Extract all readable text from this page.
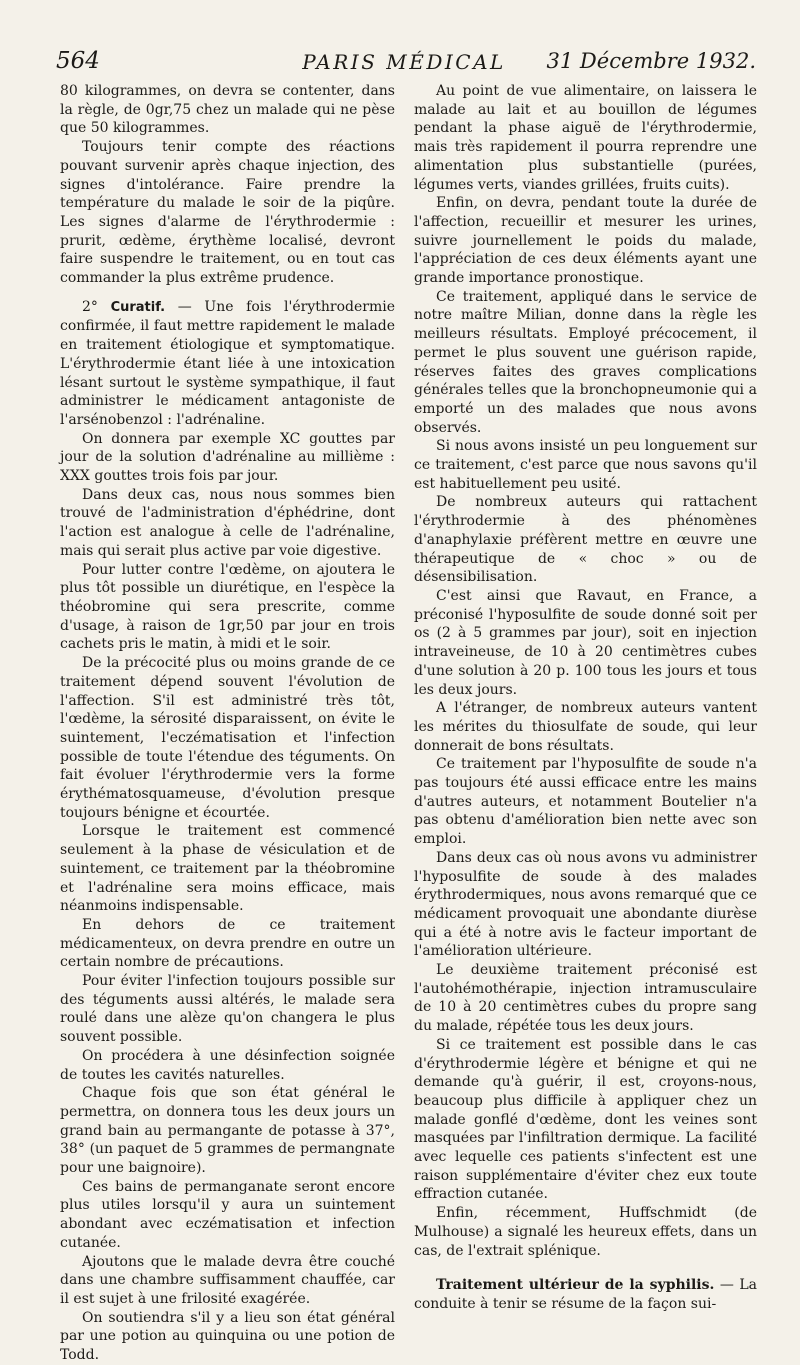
564	PARIS MÉDICAL	31 Décembre 1932.

80 kilogrammes, on devra se contenter, dans la règle, de 0gr,75 chez un malade qui ne pèse que 50 kilogrammes.

Toujours tenir compte des réactions pouvant survenir après chaque injection, des signes d'intolérance. Faire prendre la température du malade le soir de la piqûre. Les signes d'alarme de l'érythrodermie : prurit, œdème, érythème localisé, devront faire suspendre le traitement, ou en tout cas commander la plus extrême prudence.

2° Curatif. — Une fois l'érythrodermie confirmée, il faut mettre rapidement le malade en traitement étiologique et symptomatique. L'érythrodermie étant liée à une intoxication lésant surtout le système sympathique, il faut administrer le médicament antagoniste de l'arsénobenzol : l'adrénaline.

On donnera par exemple XC gouttes par jour de la solution d'adrénaline au millième : XXX gouttes trois fois par jour.

Dans deux cas, nous nous sommes bien trouvé de l'administration d'éphédrine, dont l'action est analogue à celle de l'adrénaline, mais qui serait plus active par voie digestive.

Pour lutter contre l'œdème, on ajoutera le plus tôt possible un diurétique, en l'espèce la théobromine qui sera prescrite, comme d'usage, à raison de 1gr,50 par jour en trois cachets pris le matin, à midi et le soir.

De la précocité plus ou moins grande de ce traitement dépend souvent l'évolution de l'affection. S'il est administré très tôt, l'œdème, la sérosité disparaissent, on évite le suintement, l'eczématisation et l'infection possible de toute l'étendue des téguments. On fait évoluer l'érythrodermie vers la forme érythématosquameuse, d'évolution presque toujours bénigne et écourtée.

Lorsque le traitement est commencé seulement à la phase de vésiculation et de suintement, ce traitement par la théobromine et l'adrénaline sera moins efficace, mais néanmoins indispensable.

En dehors de ce traitement médicamenteux, on devra prendre en outre un certain nombre de précautions.

Pour éviter l'infection toujours possible sur des téguments aussi altérés, le malade sera roulé dans une alèze qu'on changera le plus souvent possible.

On procédera à une désinfection soignée de toutes les cavités naturelles.

Chaque fois que son état général le permettra, on donnera tous les deux jours un grand bain au permangante de potasse à 37°, 38° (un paquet de 5 grammes de permangnate pour une baignoire).

Ces bains de permanganate seront encore plus utiles lorsqu'il y aura un suintement abondant avec eczématisation et infection cutanée.

Ajoutons que le malade devra être couché dans une chambre suffisamment chauffée, car il est sujet à une frilosité exagérée.

On soutiendra s'il y a lieu son état général par une potion au quinquina ou une potion de Todd.

Au point de vue alimentaire, on laissera le malade au lait et au bouillon de légumes pendant la phase aiguë de l'érythrodermie, mais très rapidement il pourra reprendre une alimentation plus substantielle (purées, légumes verts, viandes grillées, fruits cuits).

Enfin, on devra, pendant toute la durée de l'affection, recueillir et mesurer les urines, suivre journellement le poids du malade, l'appréciation de ces deux éléments ayant une grande importance pronostique.

Ce traitement, appliqué dans le service de notre maître Milian, donne dans la règle les meilleurs résultats. Employé précocement, il permet le plus souvent une guérison rapide, réserves faites des graves complications générales telles que la bronchopneumonie qui a emporté un des malades que nous avons observés.

Si nous avons insisté un peu longuement sur ce traitement, c'est parce que nous savons qu'il est habituellement peu usité.

De nombreux auteurs qui rattachent l'érythrodermie à des phénomènes d'anaphylaxie préfèrent mettre en œuvre une thérapeutique de « choc » ou de désensibilisation.

C'est ainsi que Ravaut, en France, a préconisé l'hyposulfite de soude donné soit per os (2 à 5 grammes par jour), soit en injection intraveineuse, de 10 à 20 centimètres cubes d'une solution à 20 p. 100 tous les jours et tous les deux jours.

A l'étranger, de nombreux auteurs vantent les mérites du thiosulfate de soude, qui leur donnerait de bons résultats.

Ce traitement par l'hyposulfite de soude n'a pas toujours été aussi efficace entre les mains d'autres auteurs, et notamment Boutelier n'a pas obtenu d'amélioration bien nette avec son emploi.

Dans deux cas où nous avons vu administrer l'hyposulfite de soude à des malades érythrodermiques, nous avons remarqué que ce médicament provoquait une abondante diurèse qui a été à notre avis le facteur important de l'amélioration ultérieure.

Le deuxième traitement préconisé est l'autohémothérapie, injection intramusculaire de 10 à 20 centimètres cubes du propre sang du malade, répétée tous les deux jours.

Si ce traitement est possible dans le cas d'érythrodermie légère et bénigne et qui ne demande qu'à guérir, il est, croyons-nous, beaucoup plus difficile à appliquer chez un malade gonflé d'œdème, dont les veines sont masquées par l'infiltration dermique. La facilité avec lequelle ces patients s'infectent est une raison supplémentaire d'éviter chez eux toute effraction cutanée.

Enfin, récemment, Huffschmidt (de Mulhouse) a signalé les heureux effets, dans un cas, de l'extrait splénique.

Traitement ultérieur de la syphilis. — La conduite à tenir se résume de la façon sui-
